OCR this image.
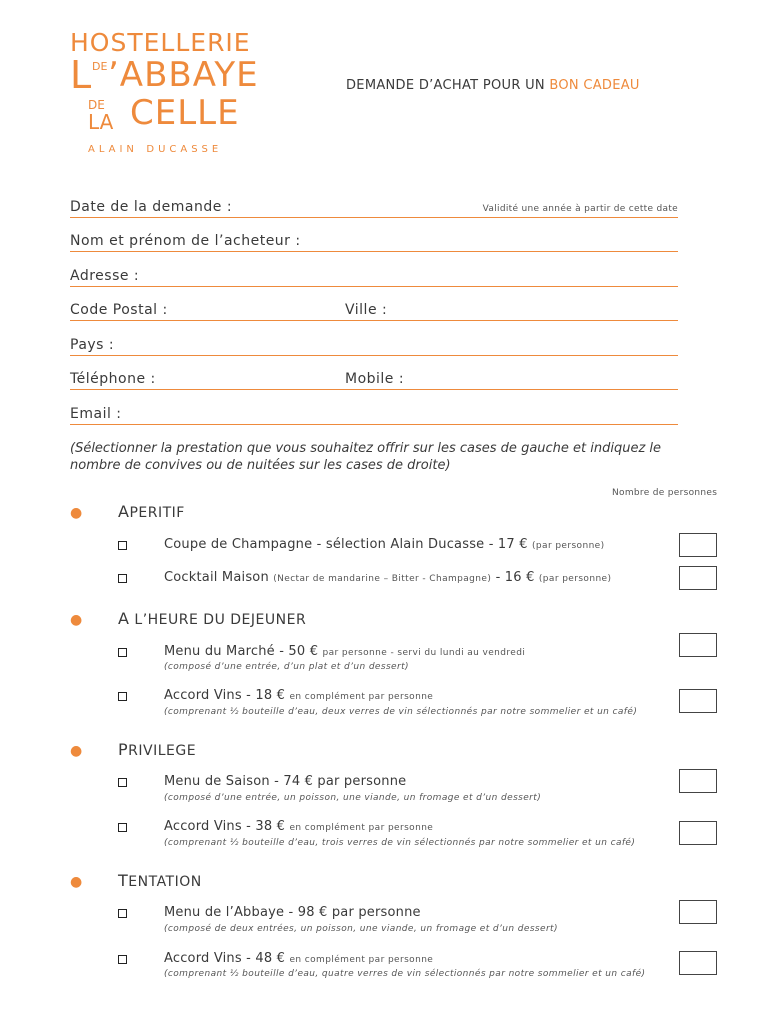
HOSTELLERIE
L DE ’ABBAYE
DE
LA CELLE
alain ducasse
DEMANDE D’ACHAT POUR UN BON CADEAU
Date de la demande :	Validité une année à partir de cette date
Nom et prénom de l’acheteur :
Adresse :
Code Postal :	Ville :
Pays :
Téléphone :	Mobile :
Email :
(Sélectionner la prestation que vous souhaitez offrir sur les cases de gauche et indiquez le nombre de convives ou de nuitées sur les cases de droite)
Nombre de personnes
● APERITIF
Coupe de Champagne - sélection Alain Ducasse - 17 € (par personne)
Cocktail Maison (Nectar de mandarine – Bitter - Champagne) - 16 € (par personne)
● A L’HEURE DU DEJEUNER
Menu du Marché - 50 € par personne - servi du lundi au vendredi
(composé d’une entrée, d’un plat et d’un dessert)
Accord Vins - 18 € en complément par personne
(comprenant ½ bouteille d’eau, deux verres de vin sélectionnés par notre sommelier et un café)
● PRIVILEGE
Menu de Saison - 74 € par personne
(composé d’une entrée, un poisson, une viande, un fromage et d’un dessert)
Accord Vins - 38 € en complément par personne
(comprenant ½ bouteille d’eau, trois verres de vin sélectionnés par notre sommelier et un café)
● TENTATION
Menu de l’Abbaye - 98 € par personne
(composé de deux entrées, un poisson, une viande, un fromage et d’un dessert)
Accord Vins - 48 € en complément par personne
(comprenant ½ bouteille d’eau, quatre verres de vin sélectionnés par notre sommelier et un café)
